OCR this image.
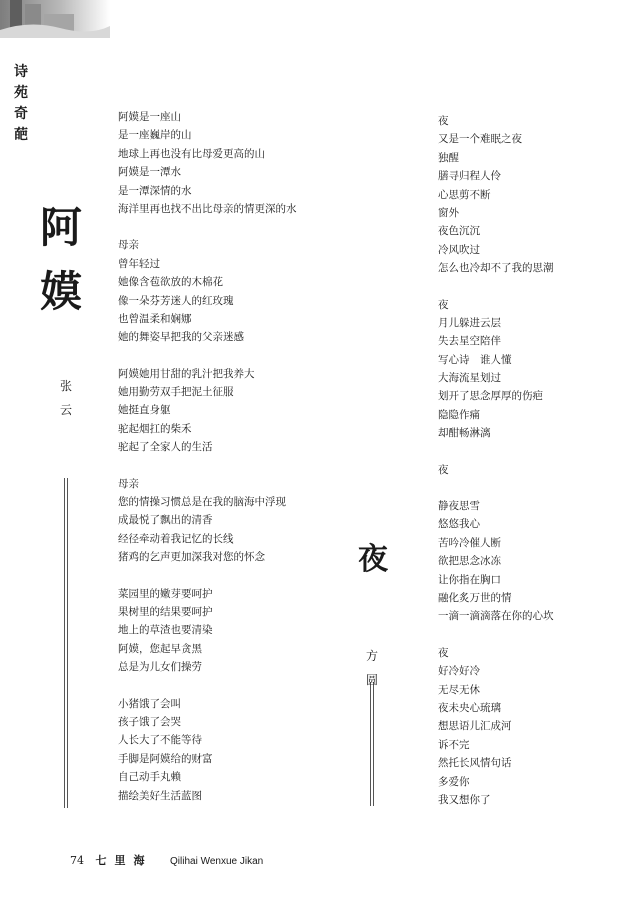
诗
苑
奇
葩
阿
嫫
张
云
阿嫫是一座山
是一座巍岸的山
地球上再也没有比母爱更高的山
阿嫫是一潭水
是一潭深情的水
海洋里再也找不出比母亲的情更深的水
母亲
曾年轻过
她像含苞欲放的木棉花
像一朵芬芳迷人的红玫瑰
也曾温柔和娴娜
她的舞姿早把我的父亲迷感
阿嫫她用甘甜的乳汁把我养大
她用勤劳双手把泥土征服
她挺直身躯
驼起烟扛的柴禾
驼起了全家人的生活
母亲
您的情操习惯总是在我的脑海中浮现
成最悦了飘出的清香
经径牵动着我记忆的长线
猪鸡的乞声更加深我对您的怀念
菜园里的嫩芽要呵护
果树里的结果要呵护
地上的草渣也要清染
阿嫫，您起早贪黑
总是为儿女们操劳
小猪饿了会叫
孩子饿了会哭
人长大了不能等待
手脚是阿嫫给的财富
自己动手丸赖
描绘美好生活蓝图
夜
方
圆
夜
又是一个难眠之夜
独醒
膳寻归程人伶
心思剪不断
窗外
夜色沉沉
冷风吹过
怎么也冷却不了我的思潮
夜
月儿躲进云层
失去星空陪伴
写心诗　谁人懂
大海流星划过
划开了思念厚厚的伤疤
隐隐作痛
却酣畅淋漓
夜
静夜思雪
悠悠我心
苦吟冷催人断
欲把思念冰冻
让你指在胸口
融化炙万世的情
一滴一滴滴落在你的心坎
夜
好冷好冷
无尽无休
夜未央心琉璃
想思语儿汇成河
诉不完
然托长风情句话
多爱你
我又想你了
74 七里海 Qilihai Wenxue Jikan
